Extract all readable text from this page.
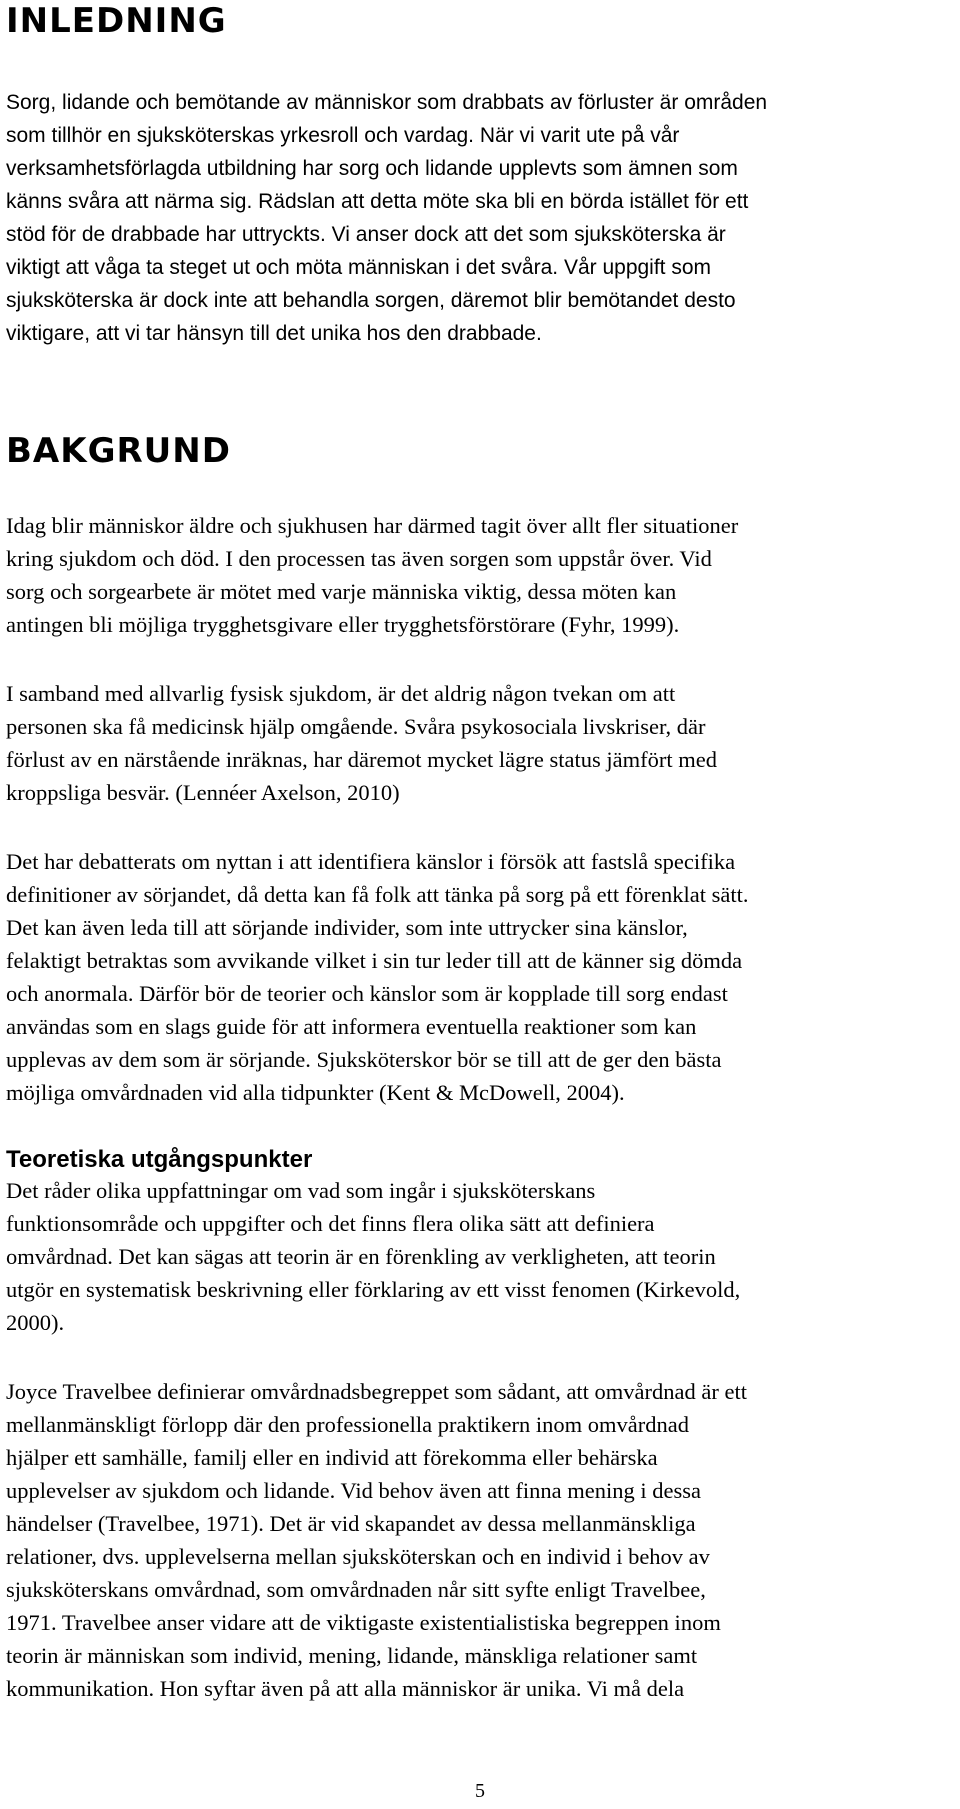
INLEDNING
Sorg, lidande och bemötande av människor som drabbats av förluster är områden
som tillhör en sjuksköterskas yrkesroll och vardag. När vi varit ute på vår
verksamhetsförlagda utbildning har sorg och lidande upplevts som ämnen som
känns svåra att närma sig. Rädslan att detta möte ska bli en börda istället för ett
stöd för de drabbade har uttryckts. Vi anser dock att det som sjuksköterska är
viktigt att våga ta steget ut och möta människan i det svåra. Vår uppgift som
sjuksköterska är dock inte att behandla sorgen, däremot blir bemötandet desto
viktigare, att vi tar hänsyn till det unika hos den drabbade.
BAKGRUND
Idag blir människor äldre och sjukhusen har därmed tagit över allt fler situationer
kring sjukdom och död. I den processen tas även sorgen som uppstår över. Vid
sorg och sorgearbete är mötet med varje människa viktig, dessa möten kan
antingen bli möjliga trygghetsgivare eller trygghetsförstörare (Fyhr, 1999).
I samband med allvarlig fysisk sjukdom, är det aldrig någon tvekan om att
personen ska få medicinsk hjälp omgående. Svåra psykosociala livskriser, där
förlust av en närstående inräknas, har däremot mycket lägre status jämfört med
kroppsliga besvär. (Lennéer Axelson, 2010)
Det har debatterats om nyttan i att identifiera känslor i försök att fastslå specifika
definitioner av sörjandet, då detta kan få folk att tänka på sorg på ett förenklat sätt.
Det kan även leda till att sörjande individer, som inte uttrycker sina känslor,
felaktigt betraktas som avvikande vilket i sin tur leder till att de känner sig dömda
och anormala. Därför bör de teorier och känslor som är kopplade till sorg endast
användas som en slags guide för att informera eventuella reaktioner som kan
upplevas av dem som är sörjande. Sjuksköterskor bör se till att de ger den bästa
möjliga omvårdnaden vid alla tidpunkter (Kent & McDowell, 2004).
Teoretiska utgångspunkter
Det råder olika uppfattningar om vad som ingår i sjuksköterskans
funktionsområde och uppgifter och det finns flera olika sätt att definiera
omvårdnad. Det kan sägas att teorin är en förenkling av verkligheten, att teorin
utgör en systematisk beskrivning eller förklaring av ett visst fenomen (Kirkevold,
2000).
Joyce Travelbee definierar omvårdnadsbegreppet som sådant, att omvårdnad är ett
mellanmänskligt förlopp där den professionella praktikern inom omvårdnad
hjälper ett samhälle, familj eller en individ att förekomma eller behärska
upplevelser av sjukdom och lidande. Vid behov även att finna mening i dessa
händelser (Travelbee, 1971). Det är vid skapandet av dessa mellanmänskliga
relationer, dvs. upplevelserna mellan sjuksköterskan och en individ i behov av
sjuksköterskans omvårdnad, som omvårdnaden når sitt syfte enligt Travelbee,
1971. Travelbee anser vidare att de viktigaste existentialistiska begreppen inom
teorin är människan som individ, mening, lidande, mänskliga relationer samt
kommunikation. Hon syftar även på att alla människor är unika. Vi må dela
5
